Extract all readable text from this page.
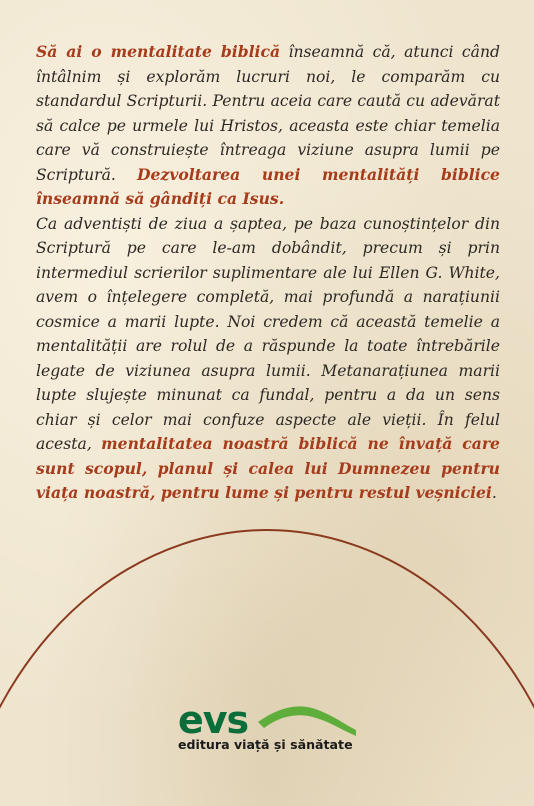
Să ai o mentalitate biblică înseamnă că, atunci când întâlnim și explorăm lucruri noi, le comparăm cu standardul Scripturii. Pentru aceia care caută cu adevărat să calce pe urmele lui Hristos, aceasta este chiar temelia care vă construiește întreaga viziune asupra lumii pe Scriptură. Dezvoltarea unei mentalități biblice înseamnă să gândiți ca Isus.

Ca adventiști de ziua a șaptea, pe baza cunoștințelor din Scriptură pe care le-am dobândit, precum și prin intermediul scrierilor suplimentare ale lui Ellen G. White, avem o înțelegere completă, mai profundă a narațiunii cosmice a marii lupte. Noi credem că această temelie a mentalității are rolul de a răspunde la toate întrebările legate de viziunea asupra lumii. Metanarațiunea marii lupte slujește minunat ca fundal, pentru a da un sens chiar și celor mai confuze aspecte ale vieții. În felul acesta, mentalitatea noastră biblică ne învață care sunt scopul, planul și calea lui Dumnezeu pentru viața noastră, pentru lume și pentru restul veșniciei.

evs
editura viață și sănătate
